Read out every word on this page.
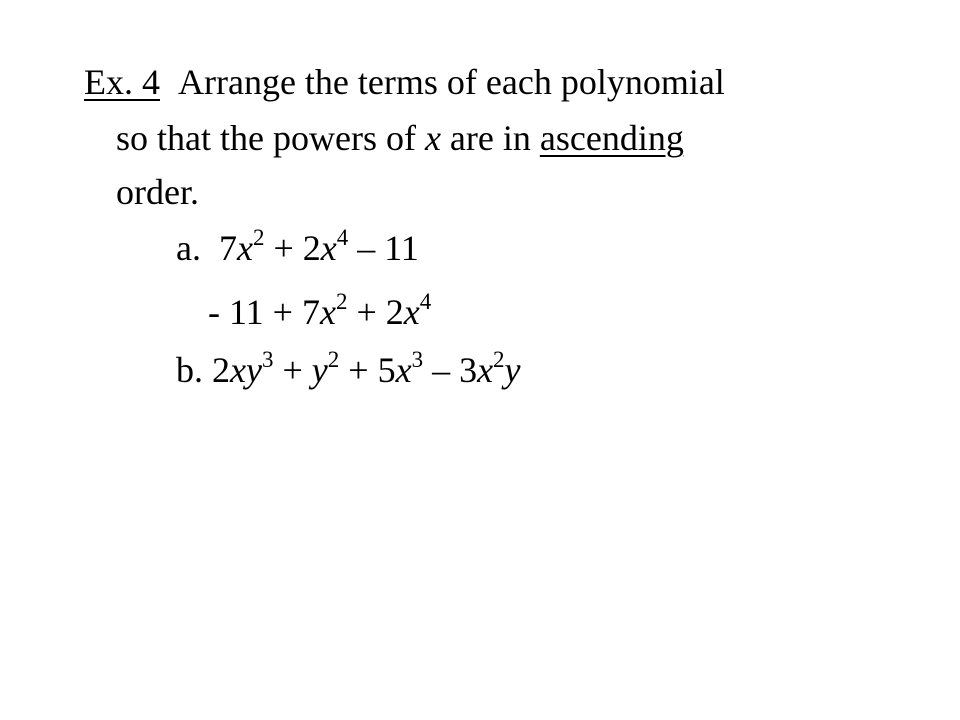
Ex. 4 Arrange the terms of each polynomial
so that the powers of x are in ascending
order.
a. $7x^2 + 2x^4 - 11$
- $11 + 7x^2 + 2x^4$
b. $2xy^3 + y^2 + 5x^3 - 3x^2y$
